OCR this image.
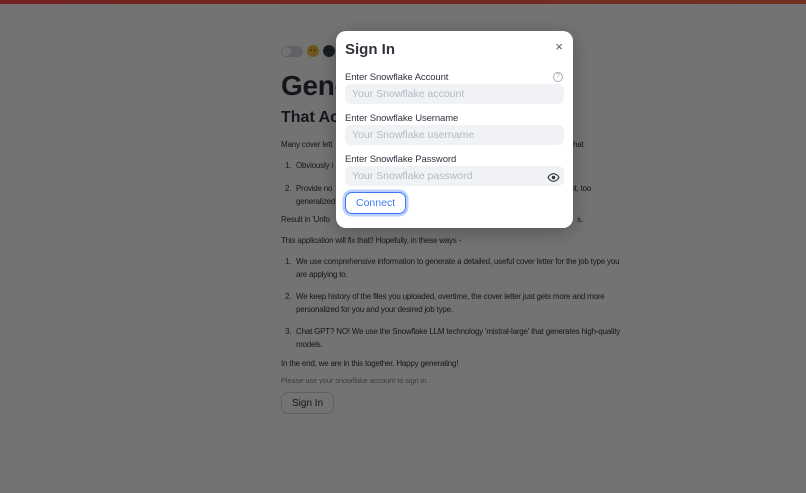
Sign In	×
Enter Snowflake Account	?
Your Snowflake account
Enter Snowflake Username
Your Snowflake username
Enter Snowflake Password
Connect
